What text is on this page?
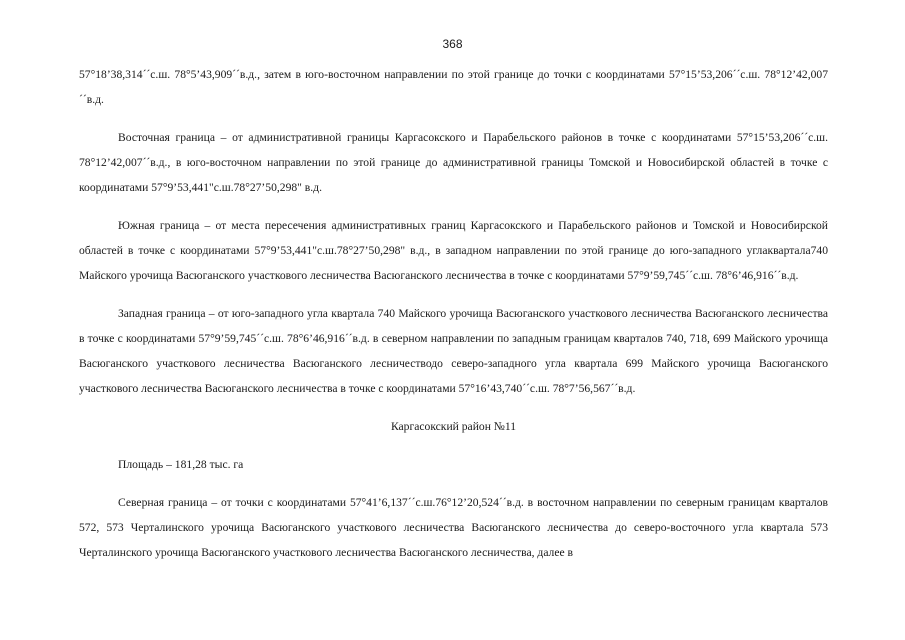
368

57°18’38,314´´с.ш. 78°5’43,909´´в.д., затем в юго-восточном направлении по этой границе до точки с координатами 57°15’53,206´´с.ш. 78°12’42,007´´в.д.

Восточная граница – от административной границы Каргасокского и Парабельского районов в точке с координатами 57°15’53,206´´с.ш. 78°12’42,007´´в.д., в юго-восточном направлении по этой границе до административной границы Томской и Новосибирской областей в точке с координатами 57°9’53,441"с.ш.78°27’50,298" в.д.

Южная граница – от места пересечения административных границ Каргасокского и Парабельского районов и Томской и Новосибирской областей в точке с координатами 57°9’53,441"с.ш.78°27’50,298" в.д., в западном направлении по этой границе до юго-западного углаквартала740 Майского урочища Васюганского участкового лесничества Васюганского лесничества в точке с координатами 57°9’59,745´´с.ш. 78°6’46,916´´в.д.

Западная граница – от юго-западного угла квартала 740 Майского урочища Васюганского участкового лесничества Васюганского лесничества в точке с координатами 57°9’59,745´´с.ш. 78°6’46,916´´в.д. в северном направлении по западным границам кварталов 740, 718, 699 Майского урочища Васюганского участкового лесничества Васюганского лесничестводо северо-западного угла квартала 699 Майского урочища Васюганского участкового лесничества Васюганского лесничества в точке с координатами 57°16’43,740´´с.ш. 78°7’56,567´´в.д.

Каргасокский район №11

Площадь – 181,28 тыс. га

Северная граница – от точки с координатами 57°41’6,137´´с.ш.76°12’20,524´´в.д. в восточном направлении по северным границам кварталов 572, 573 Черталинского урочища Васюганского участкового лесничества Васюганского лесничества до северо-восточного угла квартала 573 Черталинского урочища Васюганского участкового лесничества Васюганского лесничества, далее в
